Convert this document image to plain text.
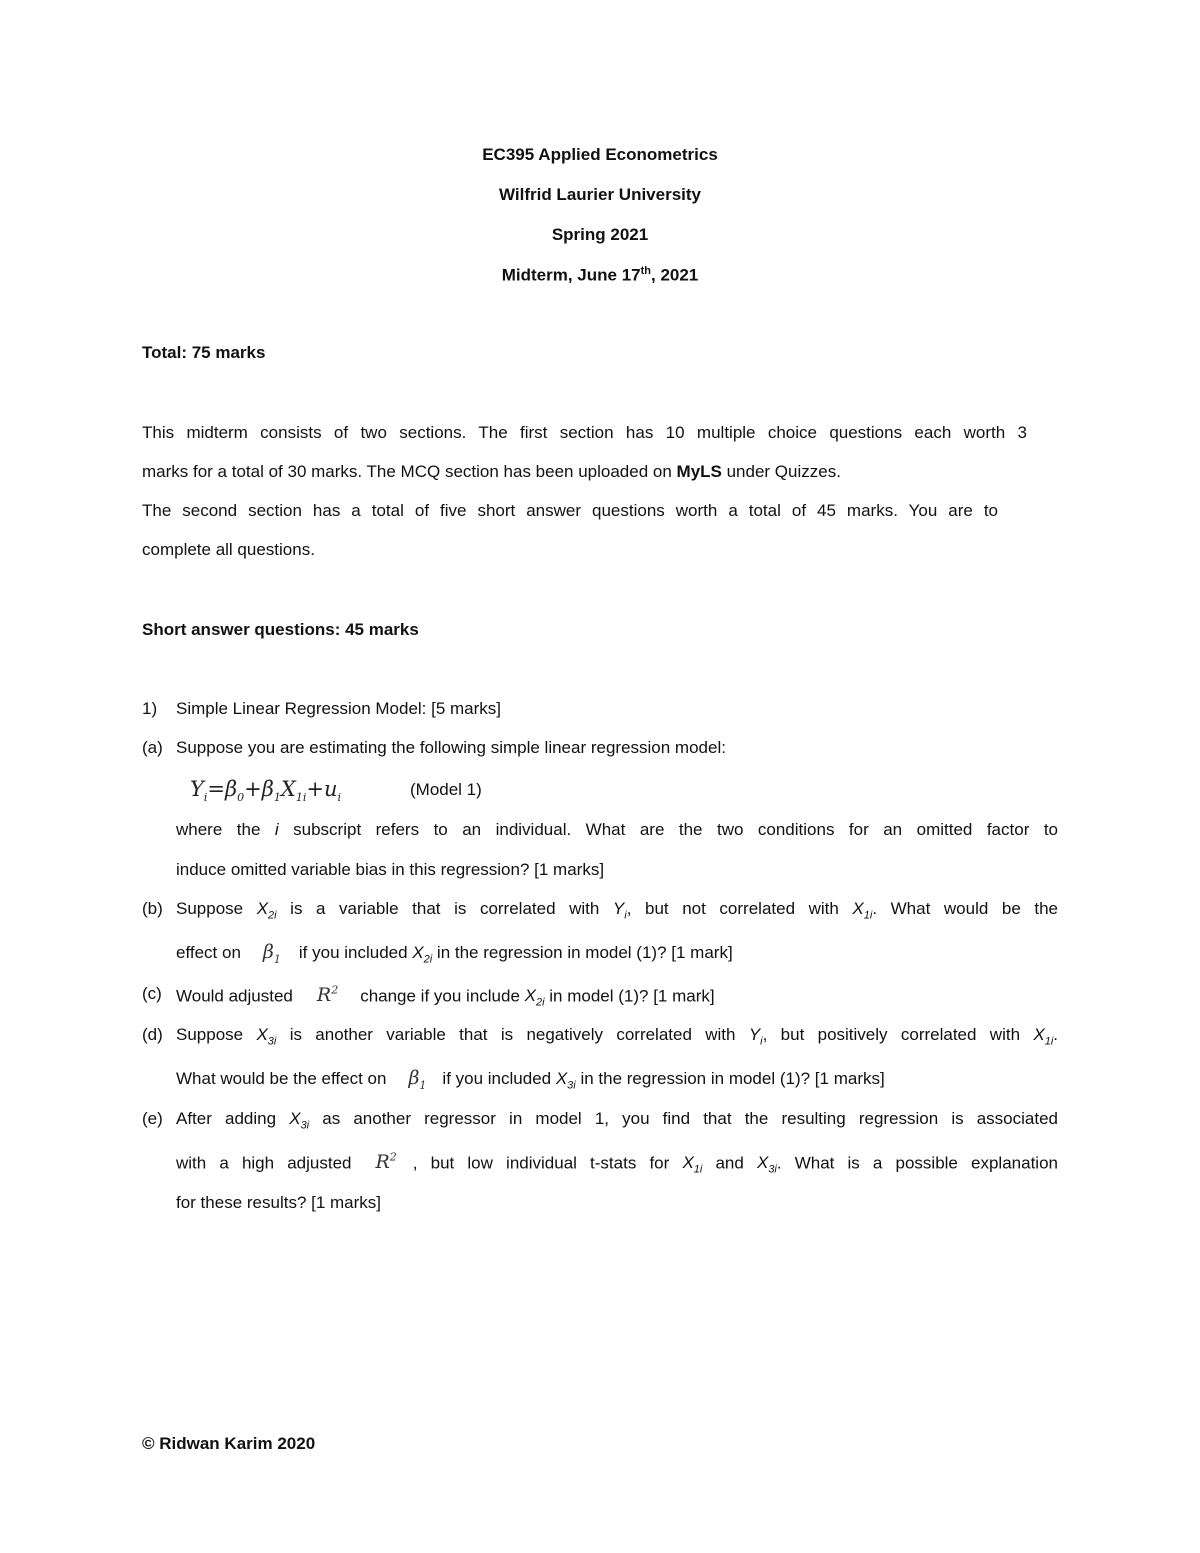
EC395 Applied Econometrics
Wilfrid Laurier University
Spring 2021
Midterm, June 17th, 2021
Total: 75 marks
This midterm consists of two sections. The first section has 10 multiple choice questions each worth 3
marks for a total of 30 marks. The MCQ section has been uploaded on MyLS under Quizzes.
The second section has a total of five short answer questions worth a total of 45 marks. You are to
complete all questions.
Short answer questions: 45 marks
1) Simple Linear Regression Model: [5 marks]
(a) Suppose you are estimating the following simple linear regression model:
$Y_i=\beta_0+\beta_1X_{1i}+u_i$	(Model 1)
where the i subscript refers to an individual. What are the two conditions for an omitted factor to
induce omitted variable bias in this regression? [1 marks]
(b) Suppose $X_{2i}$ is a variable that is correlated with $Y_i$, but not correlated with $X_{1i}$. What would be the
effect on $\beta_1$ if you included $X_{2i}$ in the regression in model (1)? [1 mark]
(c) Would adjusted $R^2$ change if you include $X_{2i}$ in model (1)? [1 mark]
(d) Suppose $X_{3i}$ is another variable that is negatively correlated with $Y_i$, but positively correlated with $X_{1i}$.
What would be the effect on $\beta_1$ if you included $X_{3i}$ in the regression in model (1)? [1 marks]
(e) After adding $X_{3i}$ as another regressor in model 1, you find that the resulting regression is associated
with a high adjusted $R^2$ , but low individual t-stats for $X_{1i}$ and $X_{3i}$. What is a possible explanation
for these results? [1 marks]
© Ridwan Karim 2020
